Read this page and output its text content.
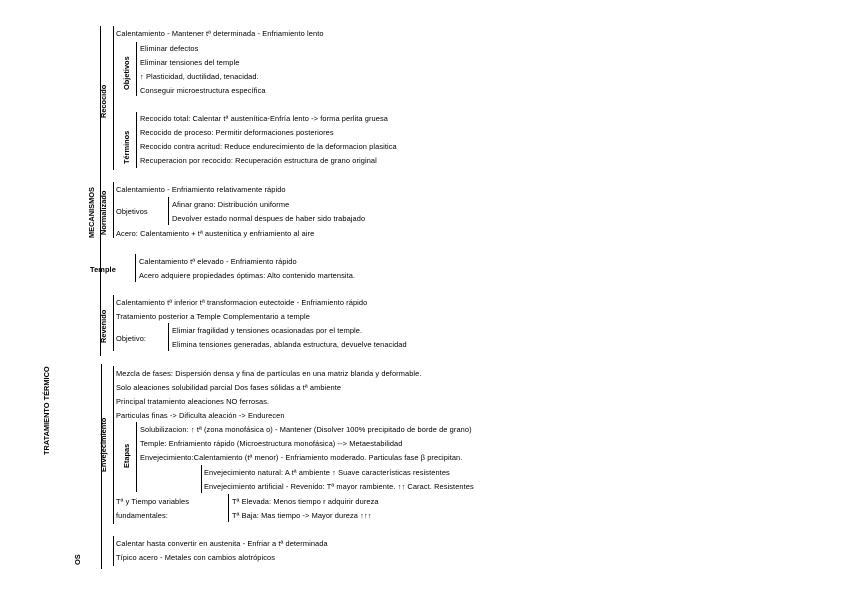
TRATAMIENTO TÉRMICO
MECANISMOS
Recocido
Calentamiento - Mantener tª determinada - Enfriamiento lento
Objetivos
Eliminar defectos
Eliminar tensiones del temple
↑ Plasticidad, ductilidad, tenacidad.
Conseguir microestructura específica
Términos
Recocido total: Calentar tª austenítica-Enfría lento -> forma perlita gruesa
Recocido de proceso: Permitir deformaciones posteriores
Recocido contra acritud: Reduce endurecimiento de la deformacion plasitica
Recuperacion por recocido: Recuperación estructura de grano original
Normalizado
Calentamiento - Enfriamiento relativamente rápido
Objetivos
Afinar grano: Distribución uniforme
Devolver estado normal despues de haber sido trabajado
Acero: Calentamiento + tª austenitica y enfriamiento al aire
Temple
Calentamiento tª elevado - Enfriamiento rápido
Acero adquiere propiedades óptimas: Alto contenido martensita.
Revenido
Calentamiento tª inferior tª transformacion eutectoide - Enfriamiento rápido
Tratamiento posterior a Temple Complementario a temple
Objetivo:
Elimiar fragilidad y tensiones ocasionadas por el temple.
Elimina tensiones generadas, ablanda estructura, devuelve tenacidad
Envejecimiento
Mezcla de fases: Dispersión densa y fina de partículas en una matriz blanda y deformable.
Solo aleaciones solubilidad parcial Dos fases sólidas a tª ambiente
Principal tratamiento aleaciones NO ferrosas.
Particulas finas -> Dificulta aleación -> Endurecen
Etapas
Solubilizacion: ↑ tª (zona monofásica o) - Mantener (Disolver 100% precipitado de borde de grano)
Temple: Enfriamiento rápido (Microestructura monofásica) --> Metaestabilidad
Envejecimiento:Calentamiento (tª menor) - Enfriamiento moderado. Particulas fase β precipitan.
Envejecimiento natural: A tª ambiente ↑ Suave características resistentes
Envejecimiento artificial - Revenido: Tª mayor rambiente. ↑↑ Caract. Resistentes
Tª y Tiempo variables
fundamentales:
Tª Elevada: Menos tiempo r adquirir dureza
Tª Baja: Mas tiempo -> Mayor dureza ↑↑↑
OS
Calentar hasta convertir en austenita - Enfriar a tª determinada
Típico acero - Metales con cambios alotrópicos
